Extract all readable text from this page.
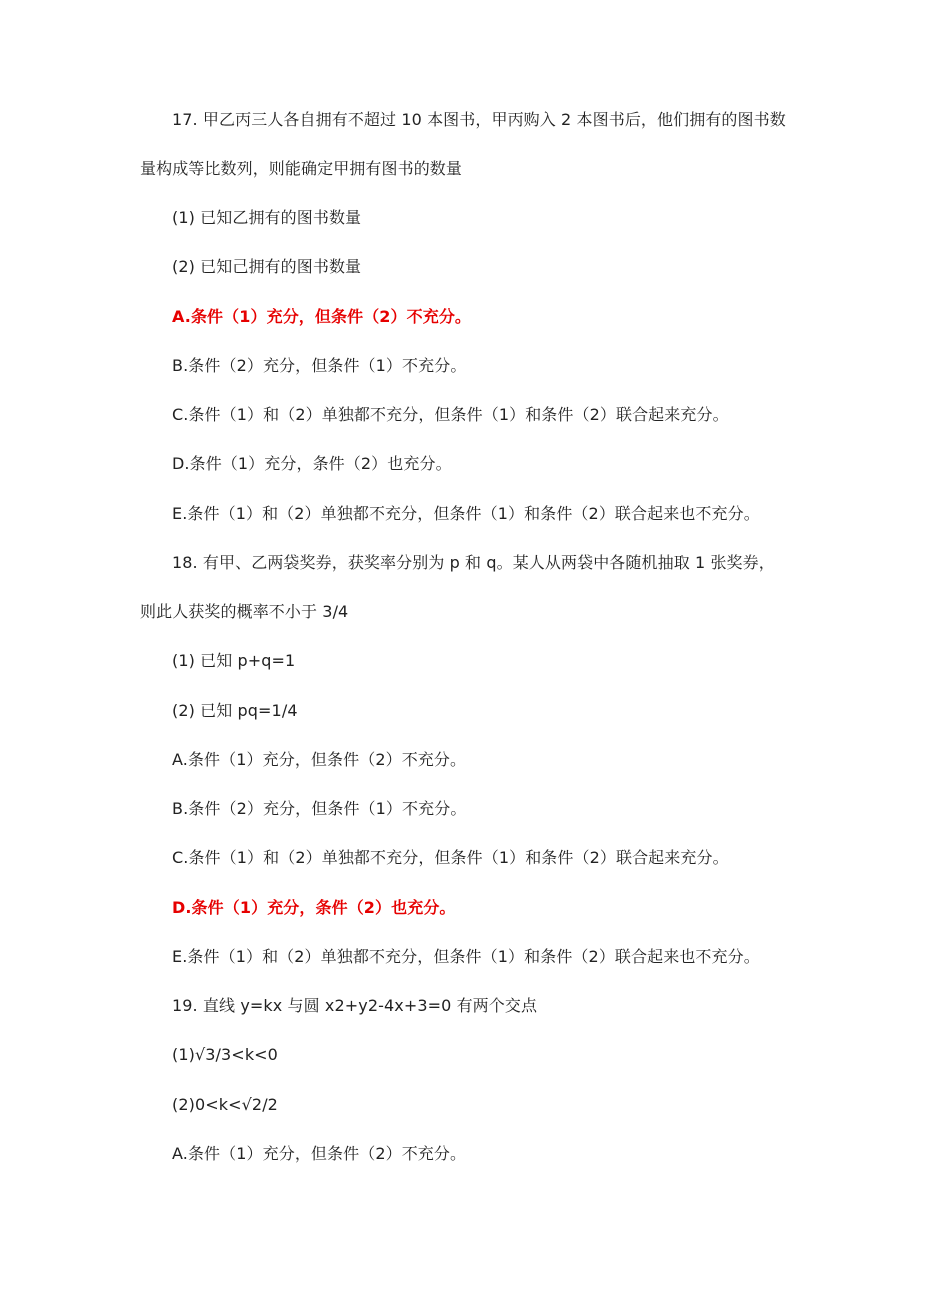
17. 甲乙丙三人各自拥有不超过 10 本图书，甲丙购入 2 本图书后，他们拥有的图书数
量构成等比数列，则能确定甲拥有图书的数量
(1) 已知乙拥有的图书数量
(2) 已知己拥有的图书数量
A.条件（1）充分，但条件（2）不充分。
B.条件（2）充分，但条件（1）不充分。
C.条件（1）和（2）单独都不充分，但条件（1）和条件（2）联合起来充分。
D.条件（1）充分，条件（2）也充分。
E.条件（1）和（2）单独都不充分，但条件（1）和条件（2）联合起来也不充分。
18. 有甲、乙两袋奖券，获奖率分别为 p 和 q。某人从两袋中各随机抽取 1 张奖券，
则此人获奖的概率不小于 3/4
(1) 已知 p+q=1
(2) 已知 pq=1/4
A.条件（1）充分，但条件（2）不充分。
B.条件（2）充分，但条件（1）不充分。
C.条件（1）和（2）单独都不充分，但条件（1）和条件（2）联合起来充分。
D.条件（1）充分，条件（2）也充分。
E.条件（1）和（2）单独都不充分，但条件（1）和条件（2）联合起来也不充分。
19. 直线 y=kx 与圆 x2+y2-4x+3=0 有两个交点
(1)√3/3<k<0
(2)0<k<√2/2
A.条件（1）充分，但条件（2）不充分。
